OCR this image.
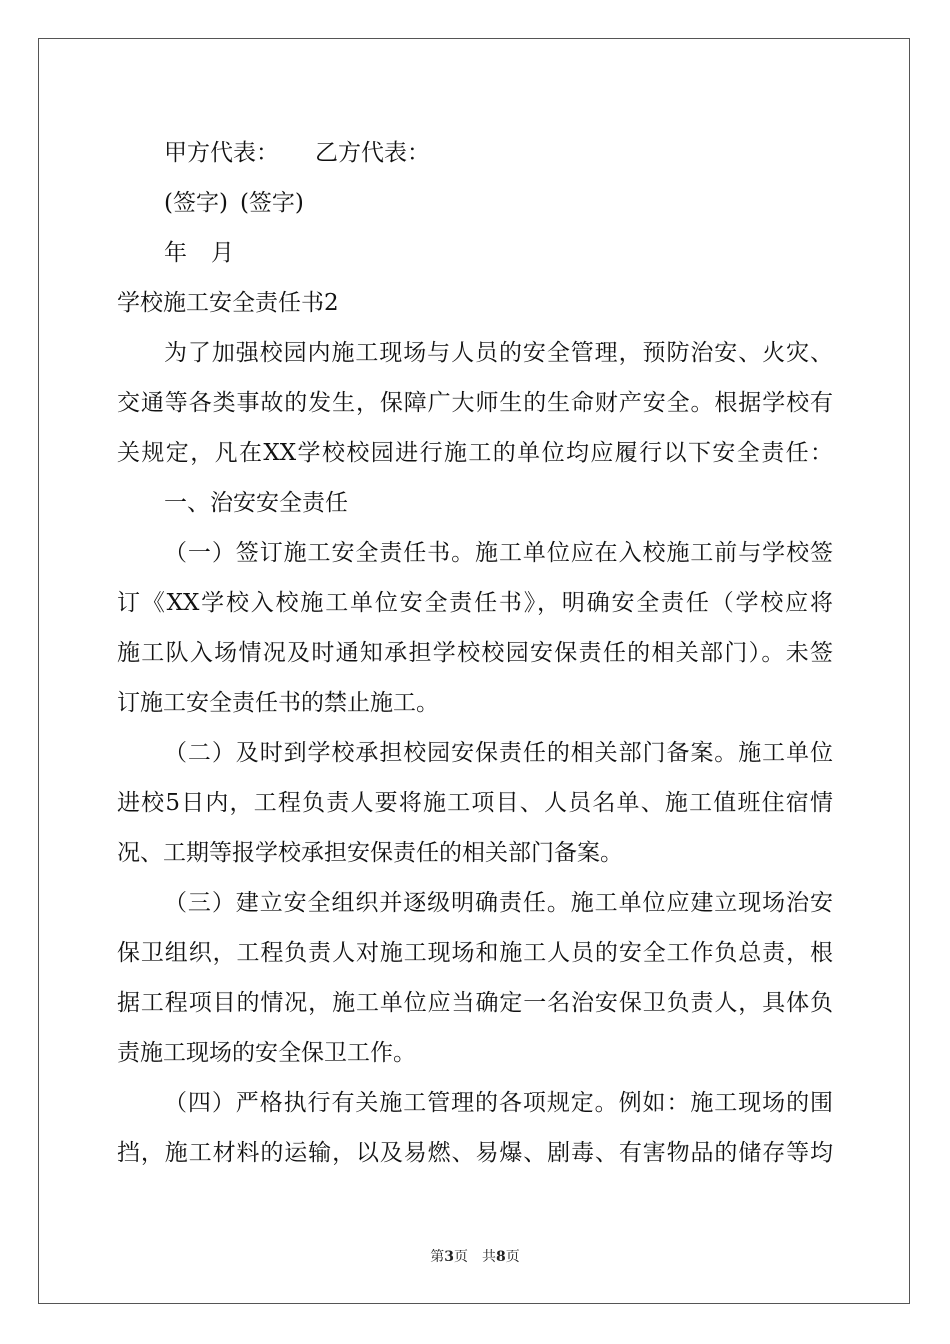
甲方代表： 乙方代表：
(签字) (签字)
年 月
学校施工安全责任书2
为了加强校园内施工现场与人员的安全管理，预防治安、火灾、
交通等各类事故的发生，保障广大师生的生命财产安全。根据学校有
关规定，凡在XX学校校园进行施工的单位均应履行以下安全责任：
一、治安安全责任
（一）签订施工安全责任书。施工单位应在入校施工前与学校签
订《XX学校入校施工单位安全责任书》，明确安全责任（学校应将
施工队入场情况及时通知承担学校校园安保责任的相关部门）。未签
订施工安全责任书的禁止施工。
（二）及时到学校承担校园安保责任的相关部门备案。施工单位
进校5日内，工程负责人要将施工项目、人员名单、施工值班住宿情
况、工期等报学校承担安保责任的相关部门备案。
（三）建立安全组织并逐级明确责任。施工单位应建立现场治安
保卫组织，工程负责人对施工现场和施工人员的安全工作负总责，根
据工程项目的情况，施工单位应当确定一名治安保卫负责人，具体负
责施工现场的安全保卫工作。
（四）严格执行有关施工管理的各项规定。例如：施工现场的围
挡，施工材料的运输，以及易燃、易爆、剧毒、有害物品的储存等均
第3页 共8页
